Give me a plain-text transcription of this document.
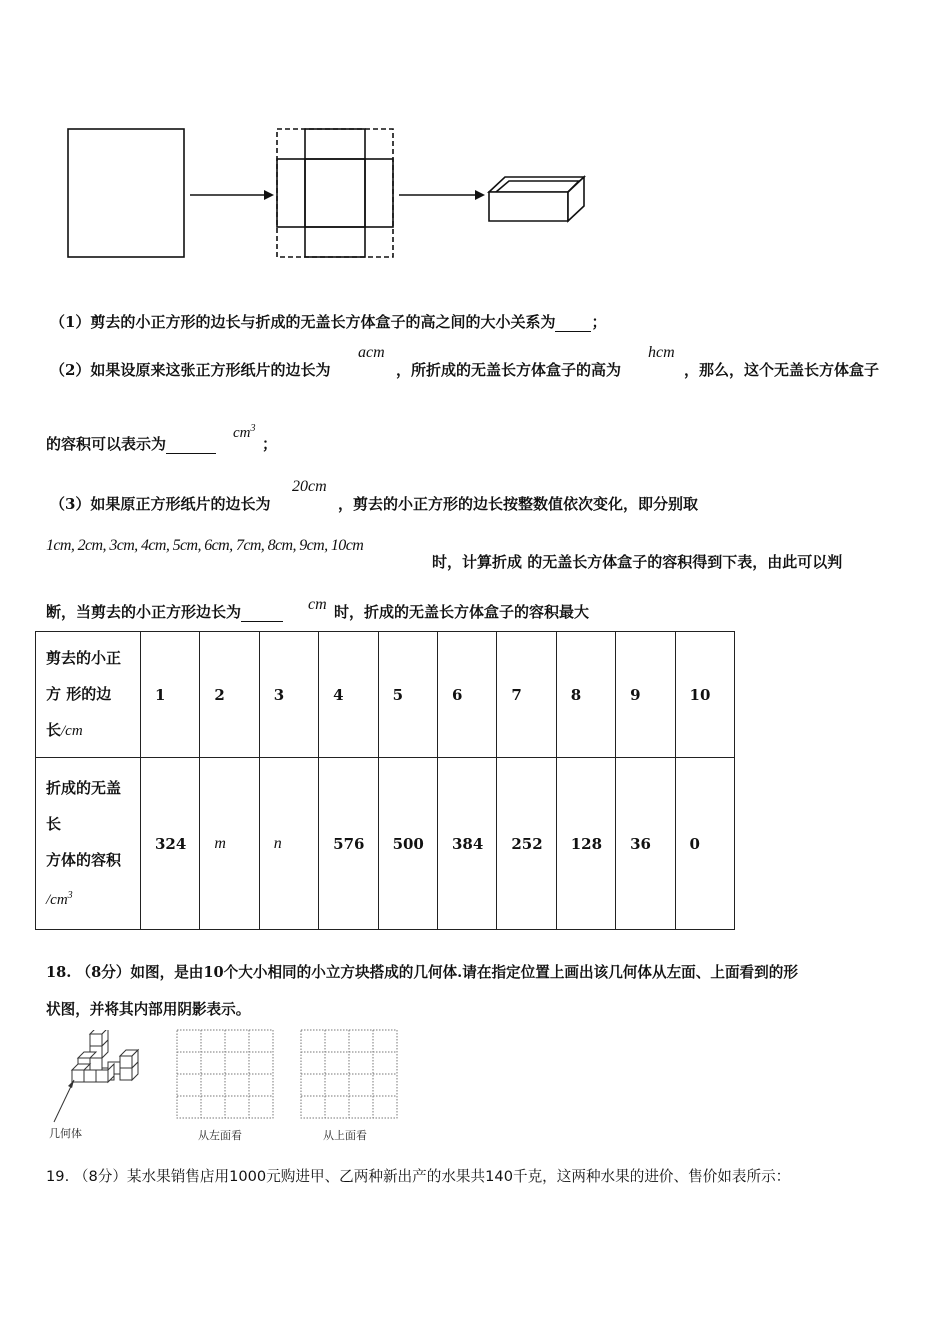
（1）剪去的小正方形的边长与折成的无盖长方体盒子的高之间的大小关系为 ；
（2）如果设原来这张正方形纸片的边长为
acm
，所折成的无盖长方体盒子的高为
hcm
，那么，这个无盖长方体盒子
的容积可以表示为
$cm^3$
；
（3）如果原正方形纸片的边长为
20cm
，剪去的小正方形的边长按整数值依次变化，即分别取
1cm, 2cm, 3cm, 4cm, 5cm, 6cm, 7cm, 8cm, 9cm, 10cm
时，计算折成 的无盖长方体盒子的容积得到下表，由此可以判
断，当剪去的小正方形边长为	cm 时，折成的无盖长方体盒子的容积最大
剪去的小正
方 形的边
长/cm	1	2	3	4	5	6	7	8	9	10

折成的无盖
长
方体的容积
$/cm^3$	324	m	n	576	500	384	252	128	36	0
18. （8分）如图，是由10个大小相同的小立方块搭成的几何体.请在指定位置上画出该几何体从左面、上面看到的形
状图，并将其内部用阴影表示。
几何体	从左面看	从上面看
19. （8分）某水果销售店用1000元购进甲、乙两种新出产的水果共140千克，这两种水果的进价、售价如表所示：
